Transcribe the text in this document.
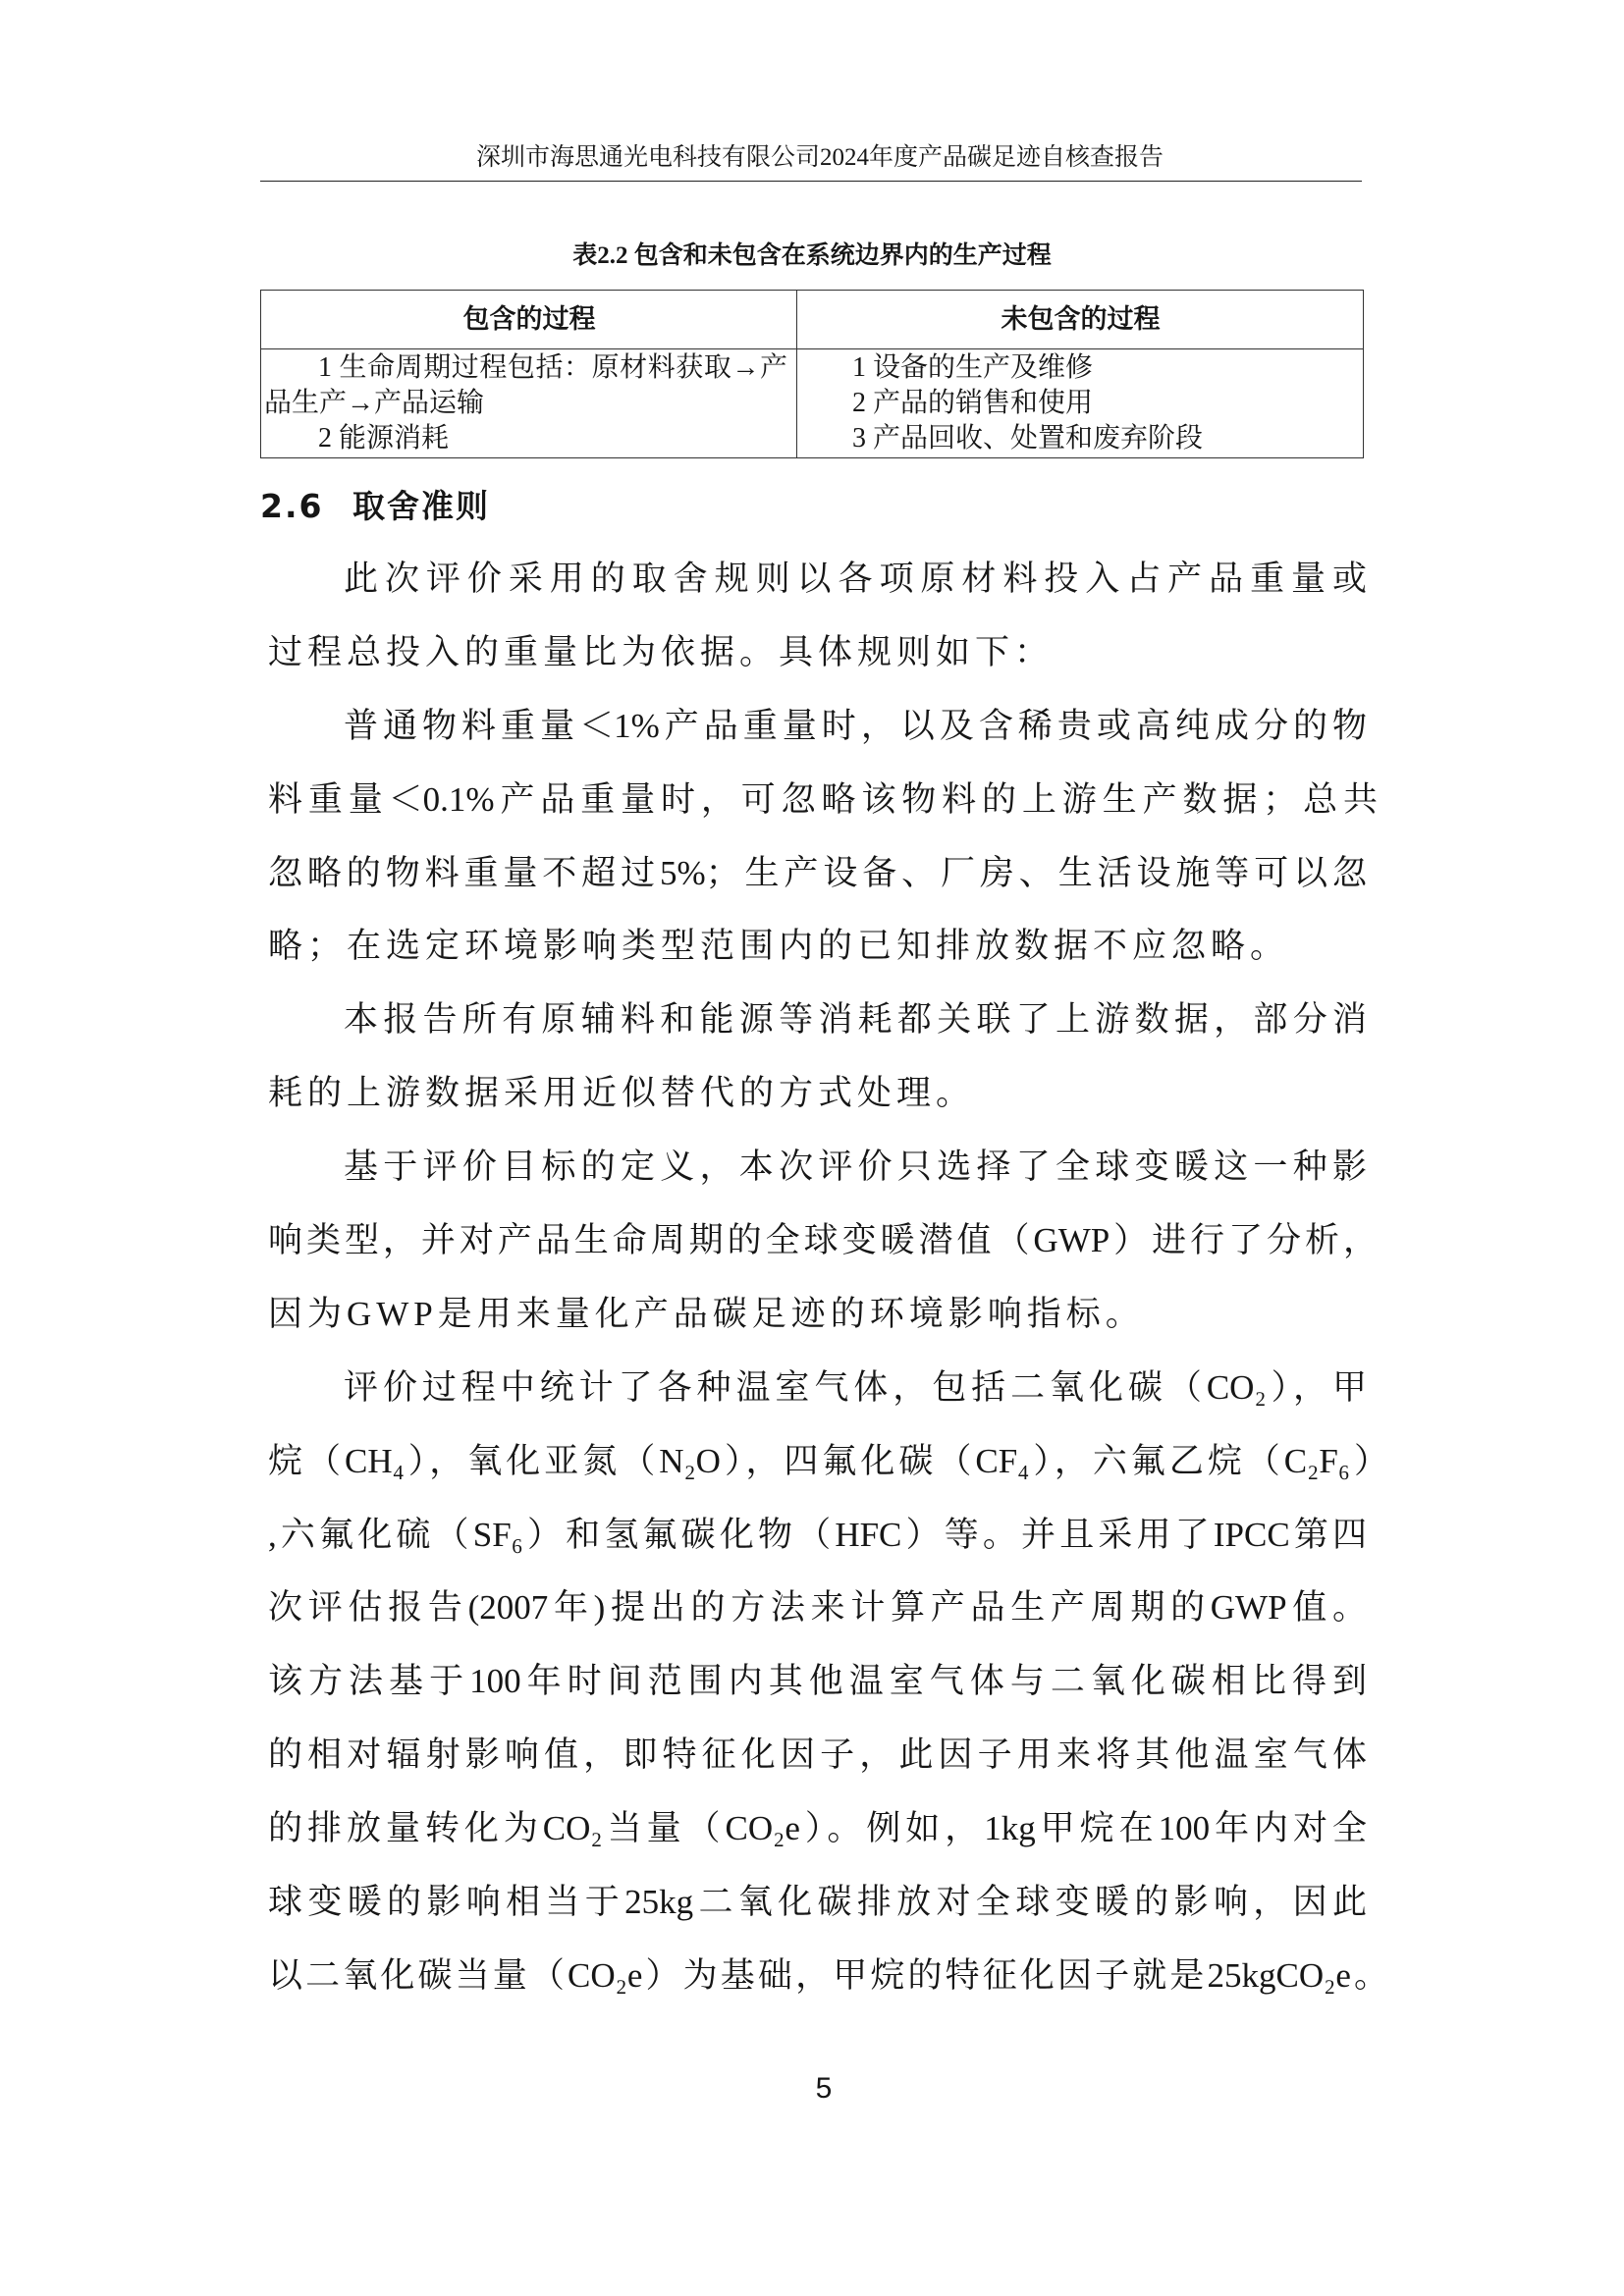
深圳市海思通光电科技有限公司2024年度产品碳足迹自核查报告
表2.2 包含和未包含在系统边界内的生产过程
包含的过程	未包含的过程
1 生命周期过程包括：原材料获取→产品生产→产品运输
2 能源消耗
1 设备的生产及维修
2 产品的销售和使用
3 产品回收、处置和废弃阶段
2.6 取舍准则
此次评价采用的取舍规则以各项原材料投入占产品重量或
过程总投入的重量比为依据。具体规则如下：
普通物料重量＜1%产品重量时，以及含稀贵或高纯成分的物
料重量＜0.1%产品重量时，可忽略该物料的上游生产数据；总共
忽略的物料重量不超过5%；生产设备、厂房、生活设施等可以忽
略；在选定环境影响类型范围内的已知排放数据不应忽略。
本报告所有原辅料和能源等消耗都关联了上游数据，部分消
耗的上游数据采用近似替代的方式处理。
基于评价目标的定义，本次评价只选择了全球变暖这一种影
响类型，并对产品生命周期的全球变暖潜值（GWP）进行了分析，
因为GWP是用来量化产品碳足迹的环境影响指标。
评价过程中统计了各种温室气体，包括二氧化碳（CO₂），甲
烷（CH₄），氧化亚氮（N₂O），四氟化碳（CF₄），六氟乙烷（C₂F₆）
,六氟化硫（SF₆）和氢氟碳化物（HFC）等。并且采用了IPCC第四
次评估报告(2007年)提出的方法来计算产品生产周期的GWP值。
该方法基于100年时间范围内其他温室气体与二氧化碳相比得到
的相对辐射影响值，即特征化因子，此因子用来将其他温室气体
的排放量转化为CO₂当量（CO₂e）。例如，1kg甲烷在100年内对全
球变暖的影响相当于25kg二氧化碳排放对全球变暖的影响，因此
以二氧化碳当量（CO₂e）为基础，甲烷的特征化因子就是25kgCO₂e。
5
